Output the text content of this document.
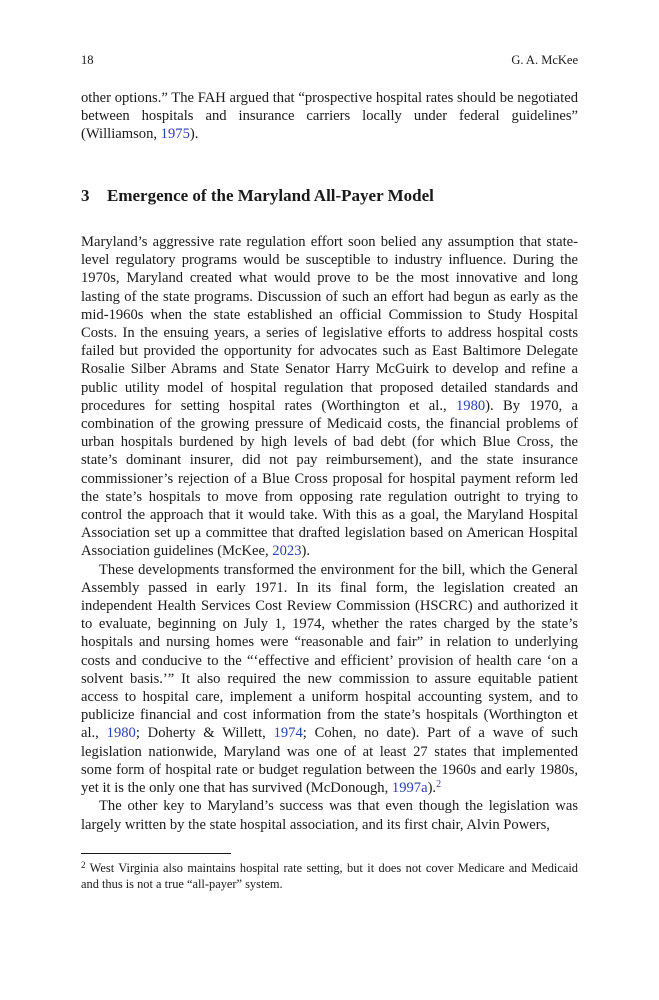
18	G. A. McKee

other options.” The FAH argued that “prospective hospital rates should be negotiated between hospitals and insurance carriers locally under federal guidelines” (Williamson, 1975).

3 Emergence of the Maryland All-Payer Model

Maryland’s aggressive rate regulation effort soon belied any assumption that state-level regulatory programs would be susceptible to industry influence. During the 1970s, Maryland created what would prove to be the most innovative and long lasting of the state programs. Discussion of such an effort had begun as early as the mid-1960s when the state established an official Commission to Study Hospital Costs. In the ensuing years, a series of legislative efforts to address hospital costs failed but provided the opportunity for advocates such as East Baltimore Delegate Rosalie Silber Abrams and State Senator Harry McGuirk to develop and refine a public utility model of hospital regulation that proposed detailed standards and procedures for setting hospital rates (Worthington et al., 1980). By 1970, a combination of the growing pressure of Medicaid costs, the financial problems of urban hospitals burdened by high levels of bad debt (for which Blue Cross, the state’s dominant insurer, did not pay reimbursement), and the state insurance commissioner’s rejection of a Blue Cross proposal for hospital payment reform led the state’s hospitals to move from opposing rate regulation outright to trying to control the approach that it would take. With this as a goal, the Maryland Hospital Association set up a committee that drafted legislation based on American Hospital Association guidelines (McKee, 2023).

These developments transformed the environment for the bill, which the General Assembly passed in early 1971. In its final form, the legislation created an independent Health Services Cost Review Commission (HSCRC) and authorized it to evaluate, beginning on July 1, 1974, whether the rates charged by the state’s hospitals and nursing homes were “reasonable and fair” in relation to underlying costs and conducive to the “‘effective and efficient’ provision of health care ‘on a solvent basis.’” It also required the new commission to assure equitable patient access to hospital care, implement a uniform hospital accounting system, and to publicize financial and cost information from the state’s hospitals (Worthington et al., 1980; Doherty & Willett, 1974; Cohen, no date). Part of a wave of such legislation nationwide, Maryland was one of at least 27 states that implemented some form of hospital rate or budget regulation between the 1960s and early 1980s, yet it is the only one that has survived (McDonough, 1997a).$^2$

The other key to Maryland’s success was that even though the legislation was largely written by the state hospital association, and its first chair, Alvin Powers,

$^2$ West Virginia also maintains hospital rate setting, but it does not cover Medicare and Medicaid and thus is not a true “all-payer” system.
